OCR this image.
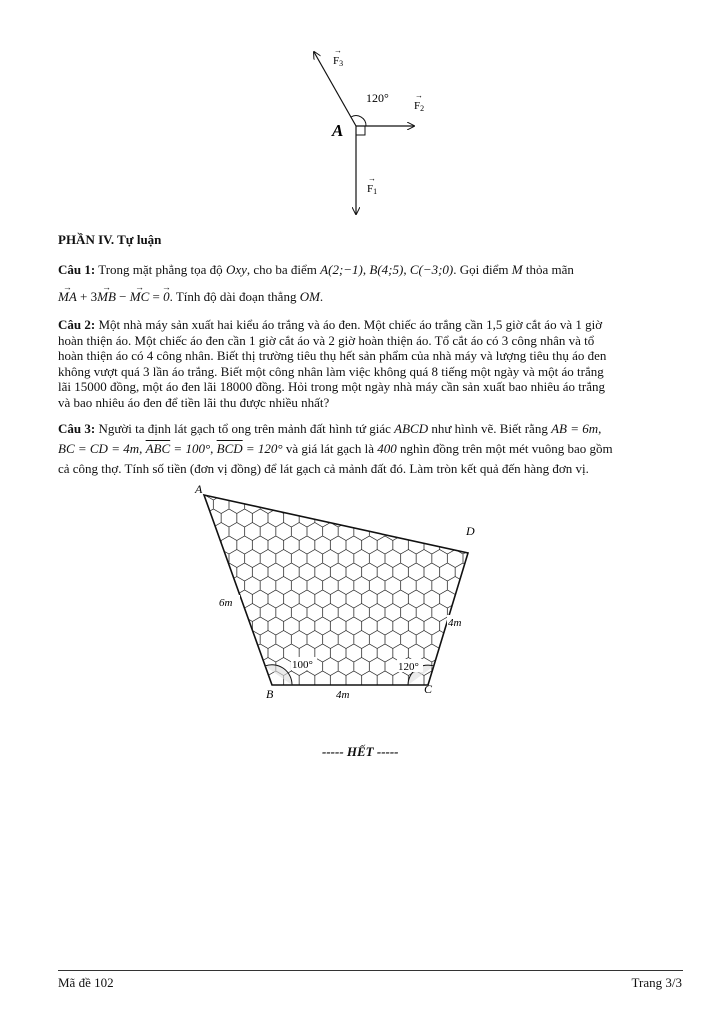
A
120°
F3
→
F2
→
F1
→
PHẦN IV. Tự luận
Câu 1: Trong mặt phẳng tọa độ Oxy, cho ba điểm A(2;−1), B(4;5), C(−3;0). Gọi điểm M thỏa mãn
→ MA + 3→ MB − → MC = → 0. Tính độ dài đoạn thẳng OM.
Câu 2: Một nhà máy sản xuất hai kiểu áo trắng và áo đen. Một chiếc áo trắng cần 1,5 giờ cắt áo và 1 giờ
hoàn thiện áo. Một chiếc áo đen cần 1 giờ cắt áo và 2 giờ hoàn thiện áo. Tổ cắt áo có 3 công nhân và tổ
hoàn thiện áo có 4 công nhân. Biết thị trường tiêu thụ hết sản phẩm của nhà máy và lượng tiêu thụ áo đen
không vượt quá 3 lần áo trắng. Biết một công nhân làm việc không quá 8 tiếng một ngày và một áo trắng
lãi 15000 đồng, một áo đen lãi 18000 đồng. Hỏi trong một ngày nhà máy cần sản xuất bao nhiêu áo trắng
và bao nhiêu áo đen để tiền lãi thu được nhiều nhất?
Câu 3: Người ta định lát gạch tổ ong trên mảnh đất hình tứ giác ABCD như hình vẽ. Biết rằng AB = 6m,
BC = CD = 4m, $\overline{ABC} = 100^\circ$, $\overline{BCD} = 120^\circ$ và giá lát gạch là 400 nghìn đồng trên một mét vuông bao gồm
cả công thợ. Tính số tiền (đơn vị đồng) để lát gạch cả mảnh đất đó. Làm tròn kết quả đến hàng đơn vị.
A
D
B	C
6m
4m
4m
100°	120°
----- HẾT -----
Mã đề 102	Trang 3/3
